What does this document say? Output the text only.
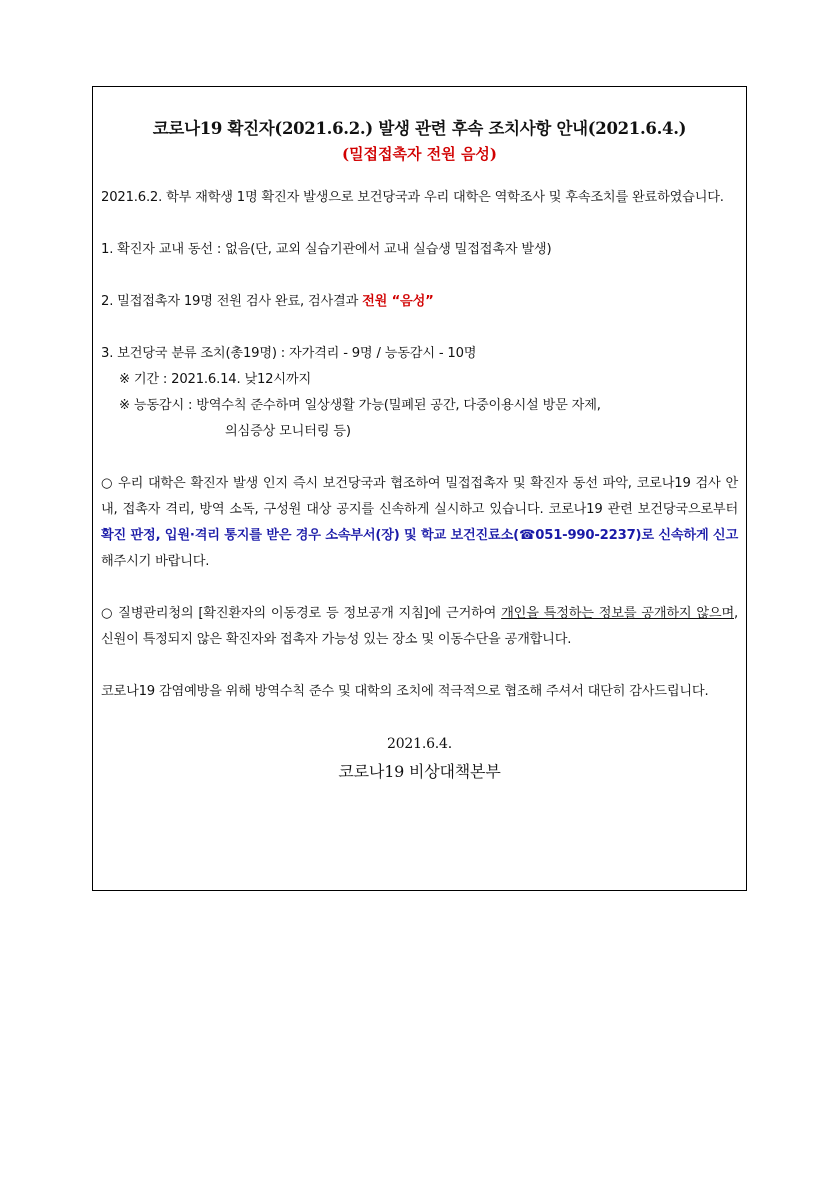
코로나19 확진자(2021.6.2.) 발생 관련 후속 조치사항 안내(2021.6.4.)
(밀접접촉자 전원 음성)

2021.6.2. 학부 재학생 1명 확진자 발생으로 보건당국과 우리 대학은 역학조사 및 후속조치를 완료하였습니다.

1. 확진자 교내 동선 : 없음(단, 교외 실습기관에서 교내 실습생 밀접접촉자 발생)

2. 밀접접촉자 19명 전원 검사 완료, 검사결과 전원 “음성”

3. 보건당국 분류 조치(총19명) : 자가격리 - 9명 / 능동감시 - 10명
※ 기간 : 2021.6.14. 낮12시까지
※ 능동감시 : 방역수칙 준수하며 일상생활 가능(밀폐된 공간, 다중이용시설 방문 자제,
의심증상 모니터링 등)

○ 우리 대학은 확진자 발생 인지 즉시 보건당국과 협조하여 밀접접촉자 및 확진자 동선 파악, 코로나19 검사 안내, 접촉자 격리, 방역 소독, 구성원 대상 공지를 신속하게 실시하고 있습니다. 코로나19 관련 보건당국으로부터 확진 판정, 입원·격리 통지를 받은 경우 소속부서(장) 및 학교 보건진료소(☎051-990-2237)로 신속하게 신고해주시기 바랍니다.

○ 질병관리청의 [확진환자의 이동경로 등 정보공개 지침]에 근거하여 개인을 특정하는 정보를 공개하지 않으며, 신원이 특정되지 않은 확진자와 접촉자 가능성 있는 장소 및 이동수단을 공개합니다.

코로나19 감염예방을 위해 방역수칙 준수 및 대학의 조치에 적극적으로 협조해 주셔서 대단히 감사드립니다.

2021.6.4.
코로나19 비상대책본부
